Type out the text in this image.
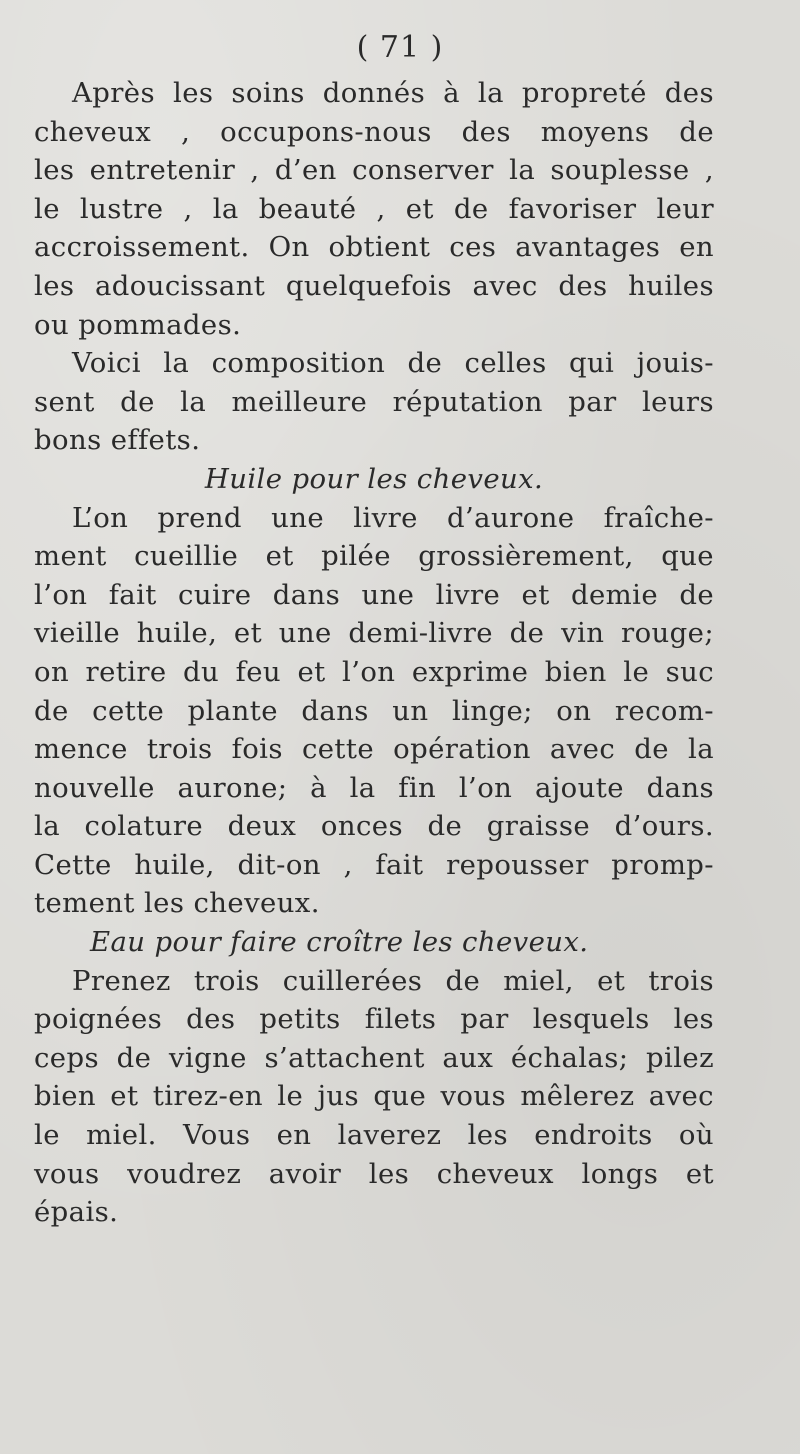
( 71 )
Après les soins donnés à la propreté des
cheveux , occupons-nous des moyens de
les entretenir , d’en conserver la souplesse ,
le lustre , la beauté , et de favoriser leur
accroissement. On obtient ces avantages en
les adoucissant quelquefois avec des huiles
ou pommades.
Voici la composition de celles qui jouis-
sent de la meilleure réputation par leurs
bons effets.
Huile pour les cheveux.
L’on prend une livre d’aurone fraîche-
ment cueillie et pilée grossièrement, que
l’on fait cuire dans une livre et demie de
vieille huile, et une demi-livre de vin rouge;
on retire du feu et l’on exprime bien le suc
de cette plante dans un linge; on recom-
mence trois fois cette opération avec de la
nouvelle aurone; à la fin l’on ajoute dans
la colature deux onces de graisse d’ours.
Cette huile, dit-on , fait repousser promp-
tement les cheveux.
Eau pour faire croître les cheveux.
Prenez trois cuillerées de miel, et trois
poignées des petits filets par lesquels les
ceps de vigne s’attachent aux échalas; pilez
bien et tirez-en le jus que vous mêlerez avec
le miel. Vous en laverez les endroits où
vous voudrez avoir les cheveux longs et
épais.
